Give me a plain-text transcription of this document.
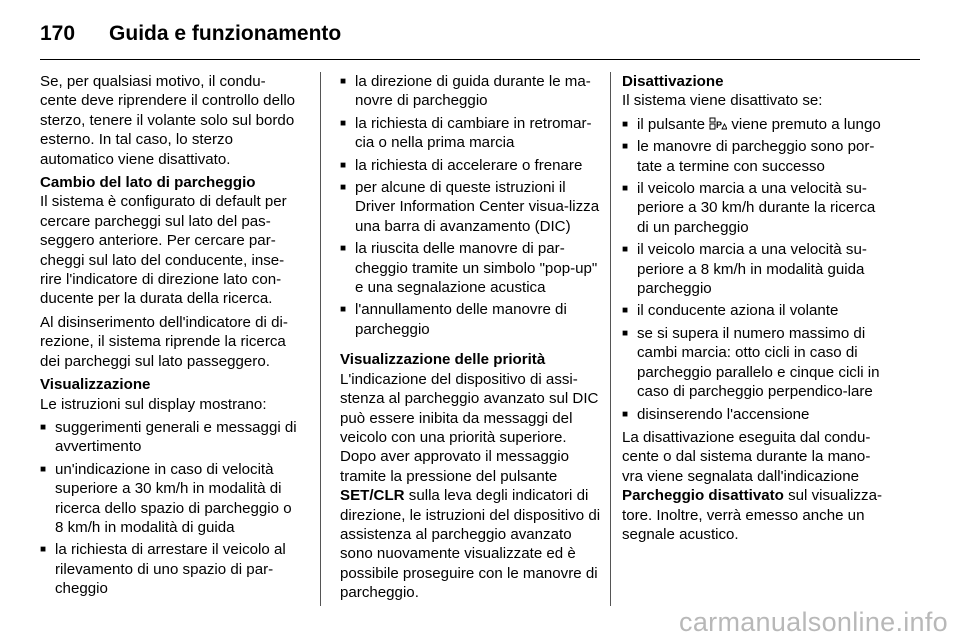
170 Guida e funzionamento

Se, per qualsiasi motivo, il condu-cente deve riprendere il controllo dello sterzo, tenere il volante solo sul bordo esterno. In tal caso, lo sterzo automatico viene disattivato.

Cambio del lato di parcheggio

Il sistema è configurato di default per cercare parcheggi sul lato del pas-seggero anteriore. Per cercare par-cheggi sul lato del conducente, inse-rire l'indicatore di direzione lato con-ducente per la durata della ricerca.

Al disinserimento dell'indicatore di di-rezione, il sistema riprende la ricerca dei parcheggi sul lato passeggero.

Visualizzazione

Le istruzioni sul display mostrano:

■ suggerimenti generali e messaggi di avvertimento
■ un'indicazione in caso di velocità superiore a 30 km/h in modalità di ricerca dello spazio di parcheggio o 8 km/h in modalità di guida
■ la richiesta di arrestare il veicolo al rilevamento di uno spazio di par-cheggio
■ la direzione di guida durante le ma-novre di parcheggio
■ la richiesta di cambiare in retromar-cia o nella prima marcia
■ la richiesta di accelerare o frenare
■ per alcune di queste istruzioni il Driver Information Center visua-lizza una barra di avanzamento (DIC)
■ la riuscita delle manovre di par-cheggio tramite un simbolo "pop-up" e una segnalazione acustica
■ l'annullamento delle manovre di parcheggio
Visualizzazione delle priorità

L'indicazione del dispositivo di assi-stenza al parcheggio avanzato sul DIC può essere inibita da messaggi del veicolo con una priorità superiore. Dopo aver approvato il messaggio tramite la pressione del pulsante SET/CLR sulla leva degli indicatori di direzione, le istruzioni del dispositivo di assistenza al parcheggio avanzato sono nuovamente visualizzate ed è possibile proseguire con le manovre di parcheggio.

Disattivazione

Il sistema viene disattivato se:

■ il pulsante P viene premuto a lungo
■ le manovre di parcheggio sono por-tate a termine con successo
■ il veicolo marcia a una velocità su-periore a 30 km/h durante la ricerca di un parcheggio
■ il veicolo marcia a una velocità su-periore a 8 km/h in modalità guida parcheggio
■ il conducente aziona il volante
■ se si supera il numero massimo di cambi marcia: otto cicli in caso di parcheggio parallelo e cinque cicli in caso di parcheggio perpendico-lare
■ disinserendo l'accensione

La disattivazione eseguita dal condu-cente o dal sistema durante la mano-vra viene segnalata dall'indicazione Parcheggio disattivato sul visualizza-tore. Inoltre, verrà emesso anche un segnale acustico.

carmanualsonline.info
